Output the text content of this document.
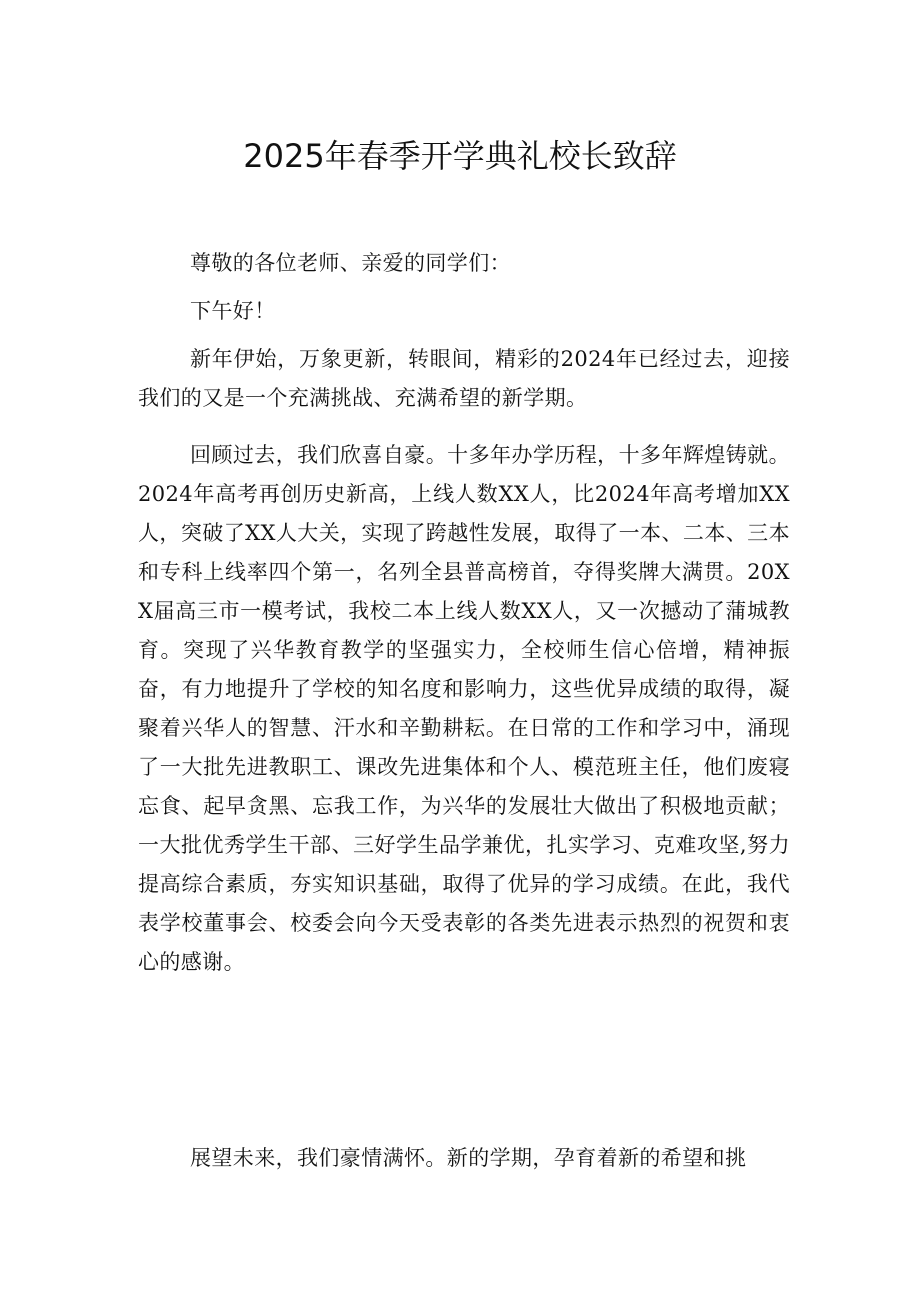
2025年春季开学典礼校长致辞

尊敬的各位老师、亲爱的同学们：

下午好！

新年伊始，万象更新，转眼间，精彩的2024年已经过去，迎接我们的又是一个充满挑战、充满希望的新学期。

回顾过去，我们欣喜自豪。十多年办学历程，十多年辉煌铸就。2024年高考再创历史新高，上线人数XX人，比2024年高考增加XX人，突破了XX人大关，实现了跨越性发展，取得了一本、二本、三本和专科上线率四个第一，名列全县普高榜首，夺得奖牌大满贯。20XX届高三市一模考试，我校二本上线人数XX人，又一次撼动了蒲城教育。突现了兴华教育教学的坚强实力，全校师生信心倍增，精神振奋，有力地提升了学校的知名度和影响力，这些优异成绩的取得，凝聚着兴华人的智慧、汗水和辛勤耕耘。在日常的工作和学习中，涌现了一大批先进教职工、课改先进集体和个人、模范班主任，他们废寝忘食、起早贪黑、忘我工作，为兴华的发展壮大做出了积极地贡献；一大批优秀学生干部、三好学生品学兼优，扎实学习、克难攻坚,努力提高综合素质，夯实知识基础，取得了优异的学习成绩。在此，我代表学校董事会、校委会向今天受表彰的各类先进表示热烈的祝贺和衷心的感谢。

展望未来，我们豪情满怀。新的学期，孕育着新的希望和挑
